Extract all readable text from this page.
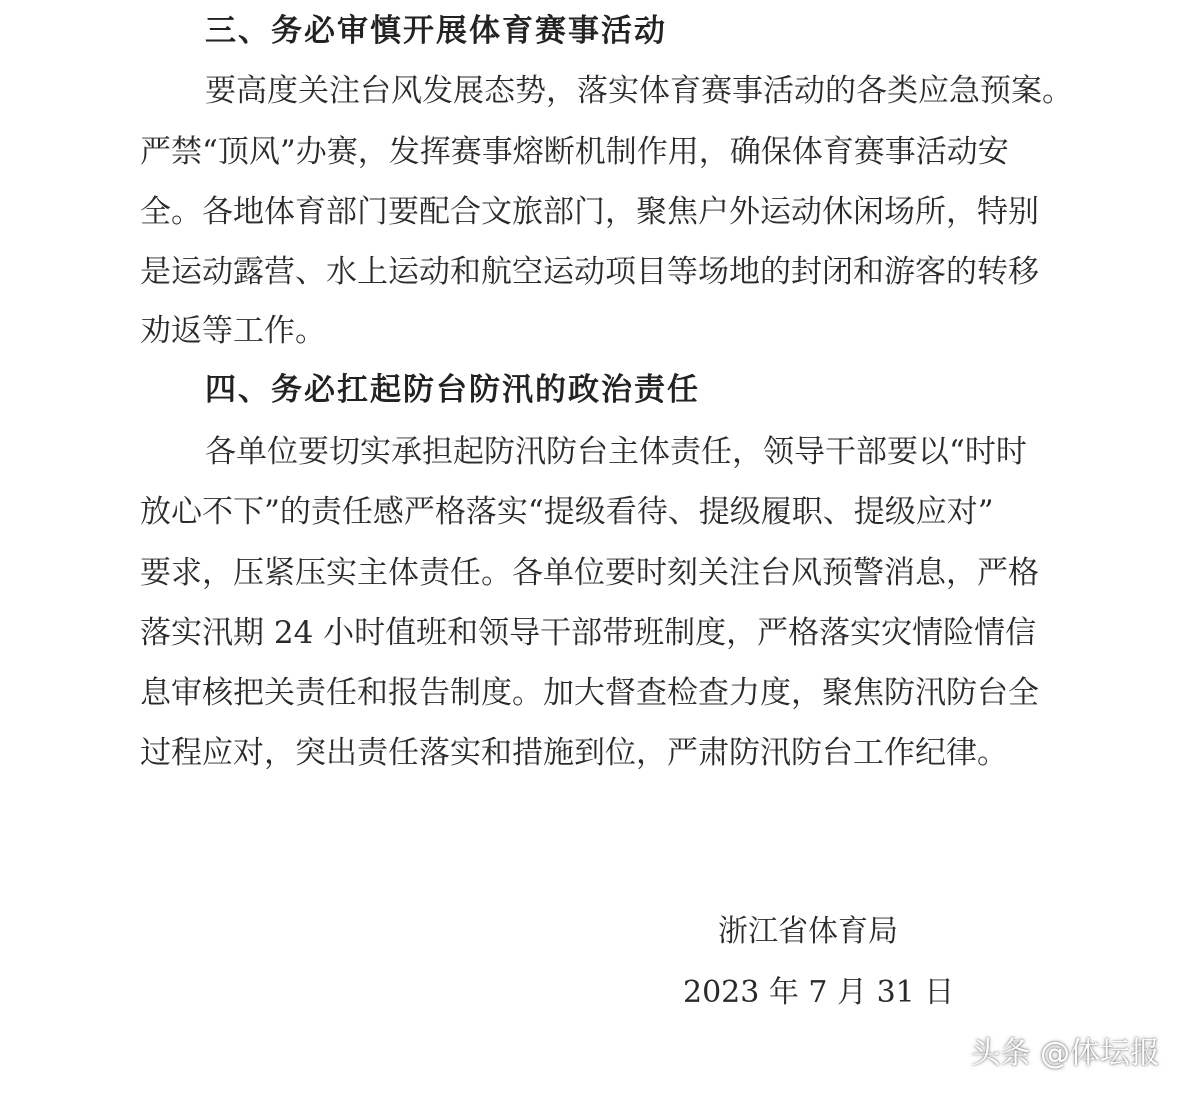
三、务必审慎开展体育赛事活动
要高度关注台风发展态势，落实体育赛事活动的各类应急预案。
严禁“顶风”办赛，发挥赛事熔断机制作用，确保体育赛事活动安
全。各地体育部门要配合文旅部门，聚焦户外运动休闲场所，特别
是运动露营、水上运动和航空运动项目等场地的封闭和游客的转移
劝返等工作。
四、务必扛起防台防汛的政治责任
各单位要切实承担起防汛防台主体责任，领导干部要以“时时
放心不下”的责任感严格落实“提级看待、提级履职、提级应对”
要求，压紧压实主体责任。各单位要时刻关注台风预警消息，严格
落实汛期 24 小时值班和领导干部带班制度，严格落实灾情险情信
息审核把关责任和报告制度。加大督查检查力度，聚焦防汛防台全
过程应对，突出责任落实和措施到位，严肃防汛防台工作纪律。
浙江省体育局
2023 年 7 月 31 日
头条 @体坛报
